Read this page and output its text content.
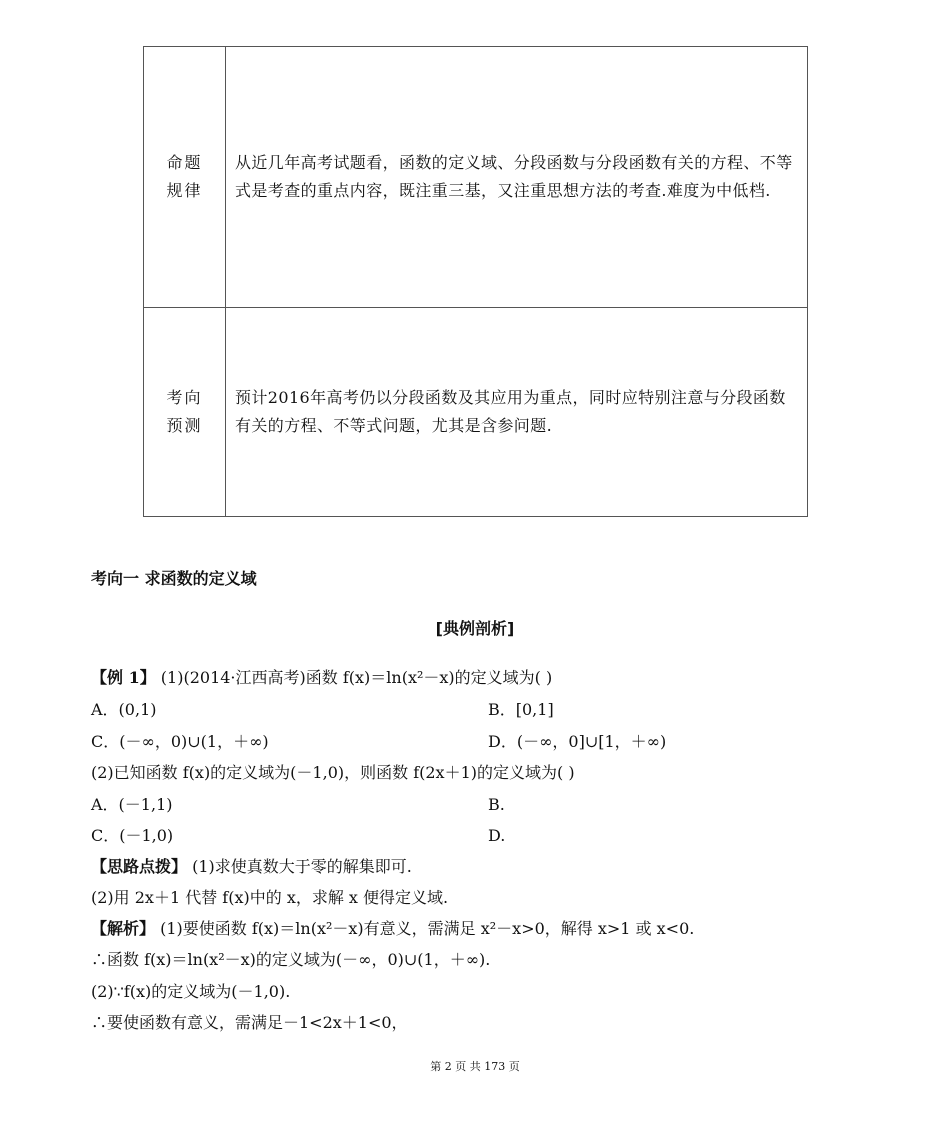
命题
规律	从近几年高考试题看，函数的定义域、分段函数与分段函数有关的方程、不等式是考查的重点内容，既注重三基，又注重思想方法的考查.难度为中低档.

考向
预测	预计2016年高考仍以分段函数及其应用为重点，同时应特别注意与分段函数有关的方程、不等式问题，尤其是含参问题.
考向一 求函数的定义域
[典例剖析]
【例 1】 (1)(2014·江西高考)函数 f(x)＝ln(x²－x)的定义域为( )
A．(0,1)	B．[0,1]
C．(－∞，0)∪(1，＋∞)	D．(－∞，0]∪[1，＋∞)
(2)已知函数 f(x)的定义域为(－1,0)，则函数 f(2x＋1)的定义域为( )
A．(－1,1)	B.
C．(－1,0)	D.
【思路点拨】 (1)求使真数大于零的解集即可.
(2)用 2x＋1 代替 f(x)中的 x，求解 x 便得定义域.
【解析】 (1)要使函数 f(x)＝ln(x²－x)有意义，需满足 x²－x>0，解得 x>1 或 x<0.
∴函数 f(x)＝ln(x²－x)的定义域为(－∞，0)∪(1，＋∞).
(2)∵f(x)的定义域为(－1,0).
∴要使函数有意义，需满足－1<2x＋1<0，
第 2 页 共 173 页
